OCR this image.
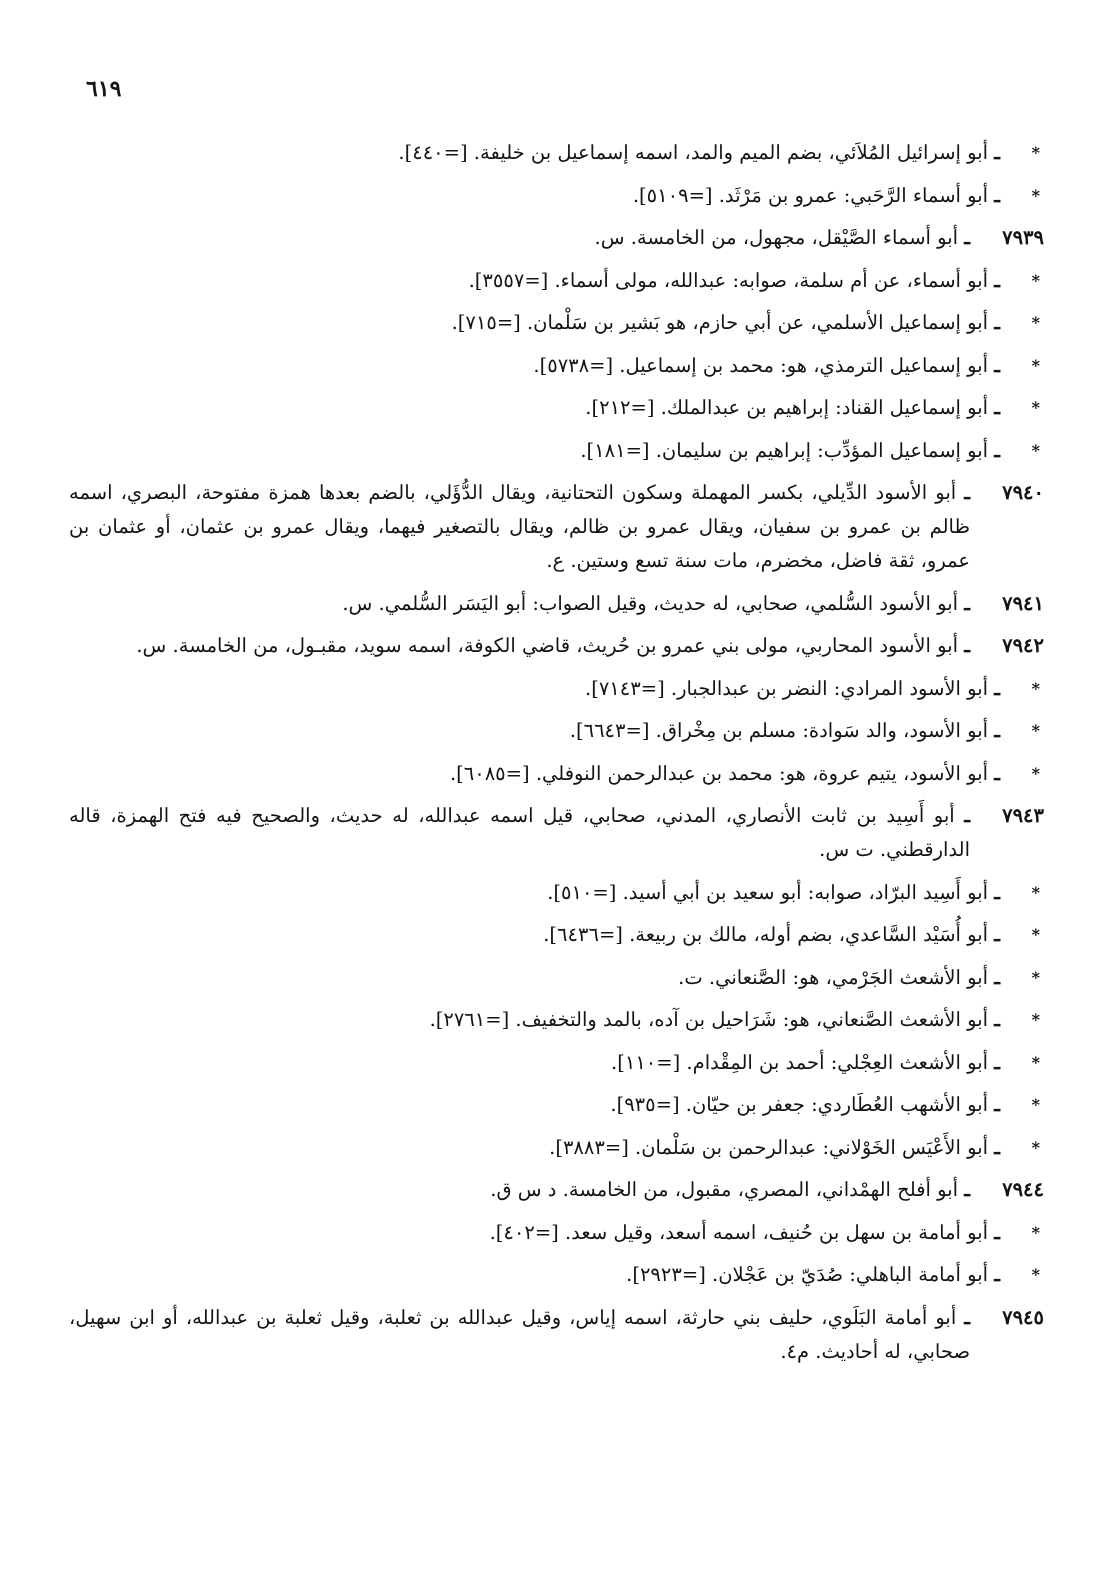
٦١٩
*
ـ أبو إسرائيل المُلاَئي، بضم الميم والمد، اسمه إسماعيل بن خليفة. [=٤٤٠].
*
ـ أبو أسماء الرَّحَبي: عمرو بن مَرْثَد. [=٥١٠٩].
٧٩٣٩
ـ أبو أسماء الصَّيْقل، مجهول، من الخامسة. س.
*
ـ أبو أسماء، عن أم سلمة، صوابه: عبدالله، مولى أسماء. [=٣٥٥٧].
*
ـ أبو إسماعيل الأسلمي، عن أبي حازم، هو بَشير بن سَلْمان. [=٧١٥].
*
ـ أبو إسماعيل الترمذي، هو: محمد بن إسماعيل. [=٥٧٣٨].
*
ـ أبو إسماعيل القناد: إبراهيم بن عبدالملك. [=٢١٢].
*
ـ أبو إسماعيل المؤدِّب: إبراهيم بن سليمان. [=١٨١].
٧٩٤٠
ـ أبو الأسود الدِّيلي، بكسر المهملة وسكون التحتانية، ويقال الدُّؤَلي، بالضم بعدها همزة مفتوحة، البصري، اسمه ظالم بن عمرو بن سفيان، ويقال عمرو بن ظالم، ويقال بالتصغير فيهما، ويقال عمرو بن عثمان، أو عثمان بن عمرو، ثقة فاضل، مخضرم، مات سنة تسع وستين. ع.
٧٩٤١
ـ أبو الأسود السُّلمي، صحابي، له حديث، وقيل الصواب: أبو اليَسَر السُّلمي. س.
٧٩٤٢
ـ أبو الأسود المحاربي، مولى بني عمرو بن حُريث، قاضي الكوفة، اسمه سويد، مقبـول، من الخامسة. س.
*
ـ أبو الأسود المرادي: النضر بن عبدالجبار. [=٧١٤٣].
*
ـ أبو الأسود، والد سَوادة: مسلم بن مِخْراق. [=٦٦٤٣].
*
ـ أبو الأسود، يتيم عروة، هو: محمد بن عبدالرحمن النوفلي. [=٦٠٨٥].
٧٩٤٣
ـ أبو أَسِيد بن ثابت الأنصاري، المدني، صحابي، قيل اسمه عبدالله، له حديث، والصحيح فيه فتح الهمزة، قاله الدارقطني. ت س.
*
ـ أبو أَسِيد البرّاد، صوابه: أبو سعيد بن أبي أسيد. [=٥١٠].
*
ـ أبو أُسَيْد السَّاعدي، بضم أوله، مالك بن ربيعة. [=٦٤٣٦].
*
ـ أبو الأشعث الجَرْمي، هو: الصَّنعاني. ت.
*
ـ أبو الأشعث الصَّنعاني، هو: شَرَاحيل بن آده، بالمد والتخفيف. [=٢٧٦١].
*
ـ أبو الأشعث العِجْلي: أحمد بن المِقْدام. [=١١٠].
*
ـ أبو الأشهب العُطَاردي: جعفر بن حيّان. [=٩٣٥].
*
ـ أبو الأَعْيَس الخَوْلاني: عبدالرحمن بن سَلْمان. [=٣٨٨٣].
٧٩٤٤
ـ أبو أفلح الهمْداني، المصري، مقبول، من الخامسة. د س ق.
*
ـ أبو أمامة بن سهل بن حُنيف، اسمه أسعد، وقيل سعد. [=٤٠٢].
*
ـ أبو أمامة الباهلي: صُدَيّ بن عَجْلان. [=٢٩٢٣].
٧٩٤٥
ـ أبو أمامة البَلَوي، حليف بني حارثة، اسمه إياس، وقيل عبدالله بن ثعلبة، وقيل ثعلبة بن عبدالله، أو ابن سهيل، صحابي، له أحاديث. م٤.
